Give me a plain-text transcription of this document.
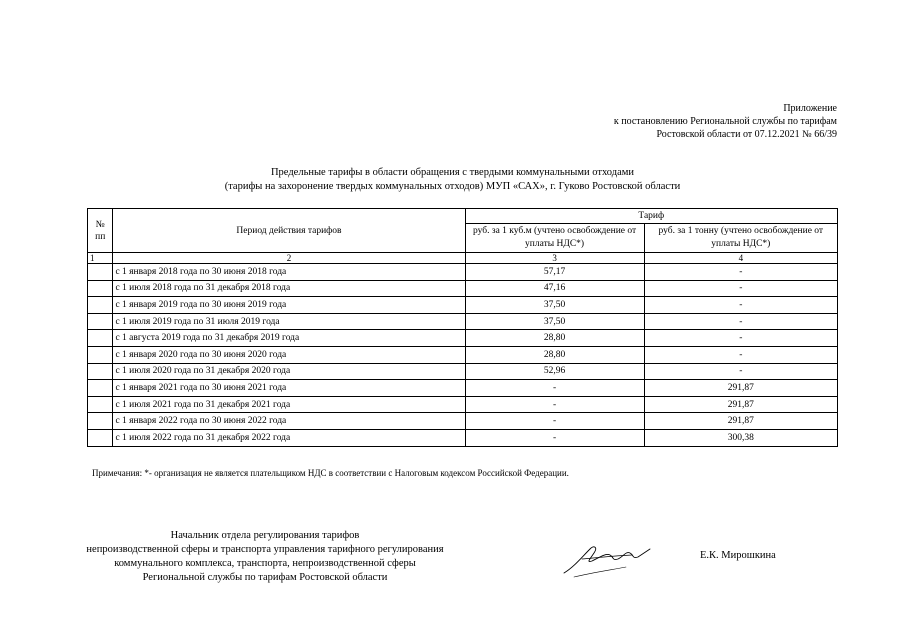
Приложение
к постановлению Региональной службы по тарифам
Ростовской области от 07.12.2021 № 66/39
Предельные тарифы в области обращения с твердыми коммунальными отходами
(тарифы на захоронение твердых коммунальных отходов) МУП «САХ», г. Гуково Ростовской области
№ пп	Период действия тарифов	Тариф	
		руб. за 1 куб.м (учтено освобождение от уплаты НДС*)	руб. за 1 тонну (учтено освобождение от уплаты НДС*)
1	2	3	4
	с 1 января 2018 года по 30 июня 2018 года	57,17	-
	с 1 июля 2018 года по 31 декабря 2018 года	47,16	-
	с 1 января 2019 года по 30 июня 2019 года	37,50	-
	с 1 июля 2019 года по 31 июля 2019 года	37,50	-
	с 1 августа 2019 года по 31 декабря 2019 года	28,80	-
	с 1 января 2020 года по 30 июня 2020 года	28,80	-
	с 1 июля 2020 года по 31 декабря 2020 года	52,96	-
	с 1 января 2021 года по 30 июня 2021 года	-	291,87
	с 1 июля 2021 года по 31 декабря 2021 года	-	291,87
	с 1 января 2022 года по 30 июня 2022 года	-	291,87
	с 1 июля 2022 года по 31 декабря 2022 года	-	300,38
Примечания: *- организация не является плательщиком НДС в соответствии с Налоговым кодексом Российской Федерации.
Начальник отдела регулирования тарифов
непроизводственной сферы и транспорта управления тарифного регулирования
коммунального комплекса, транспорта, непроизводственной сферы
Региональной службы по тарифам Ростовской области
Е.К. Мирошкина
